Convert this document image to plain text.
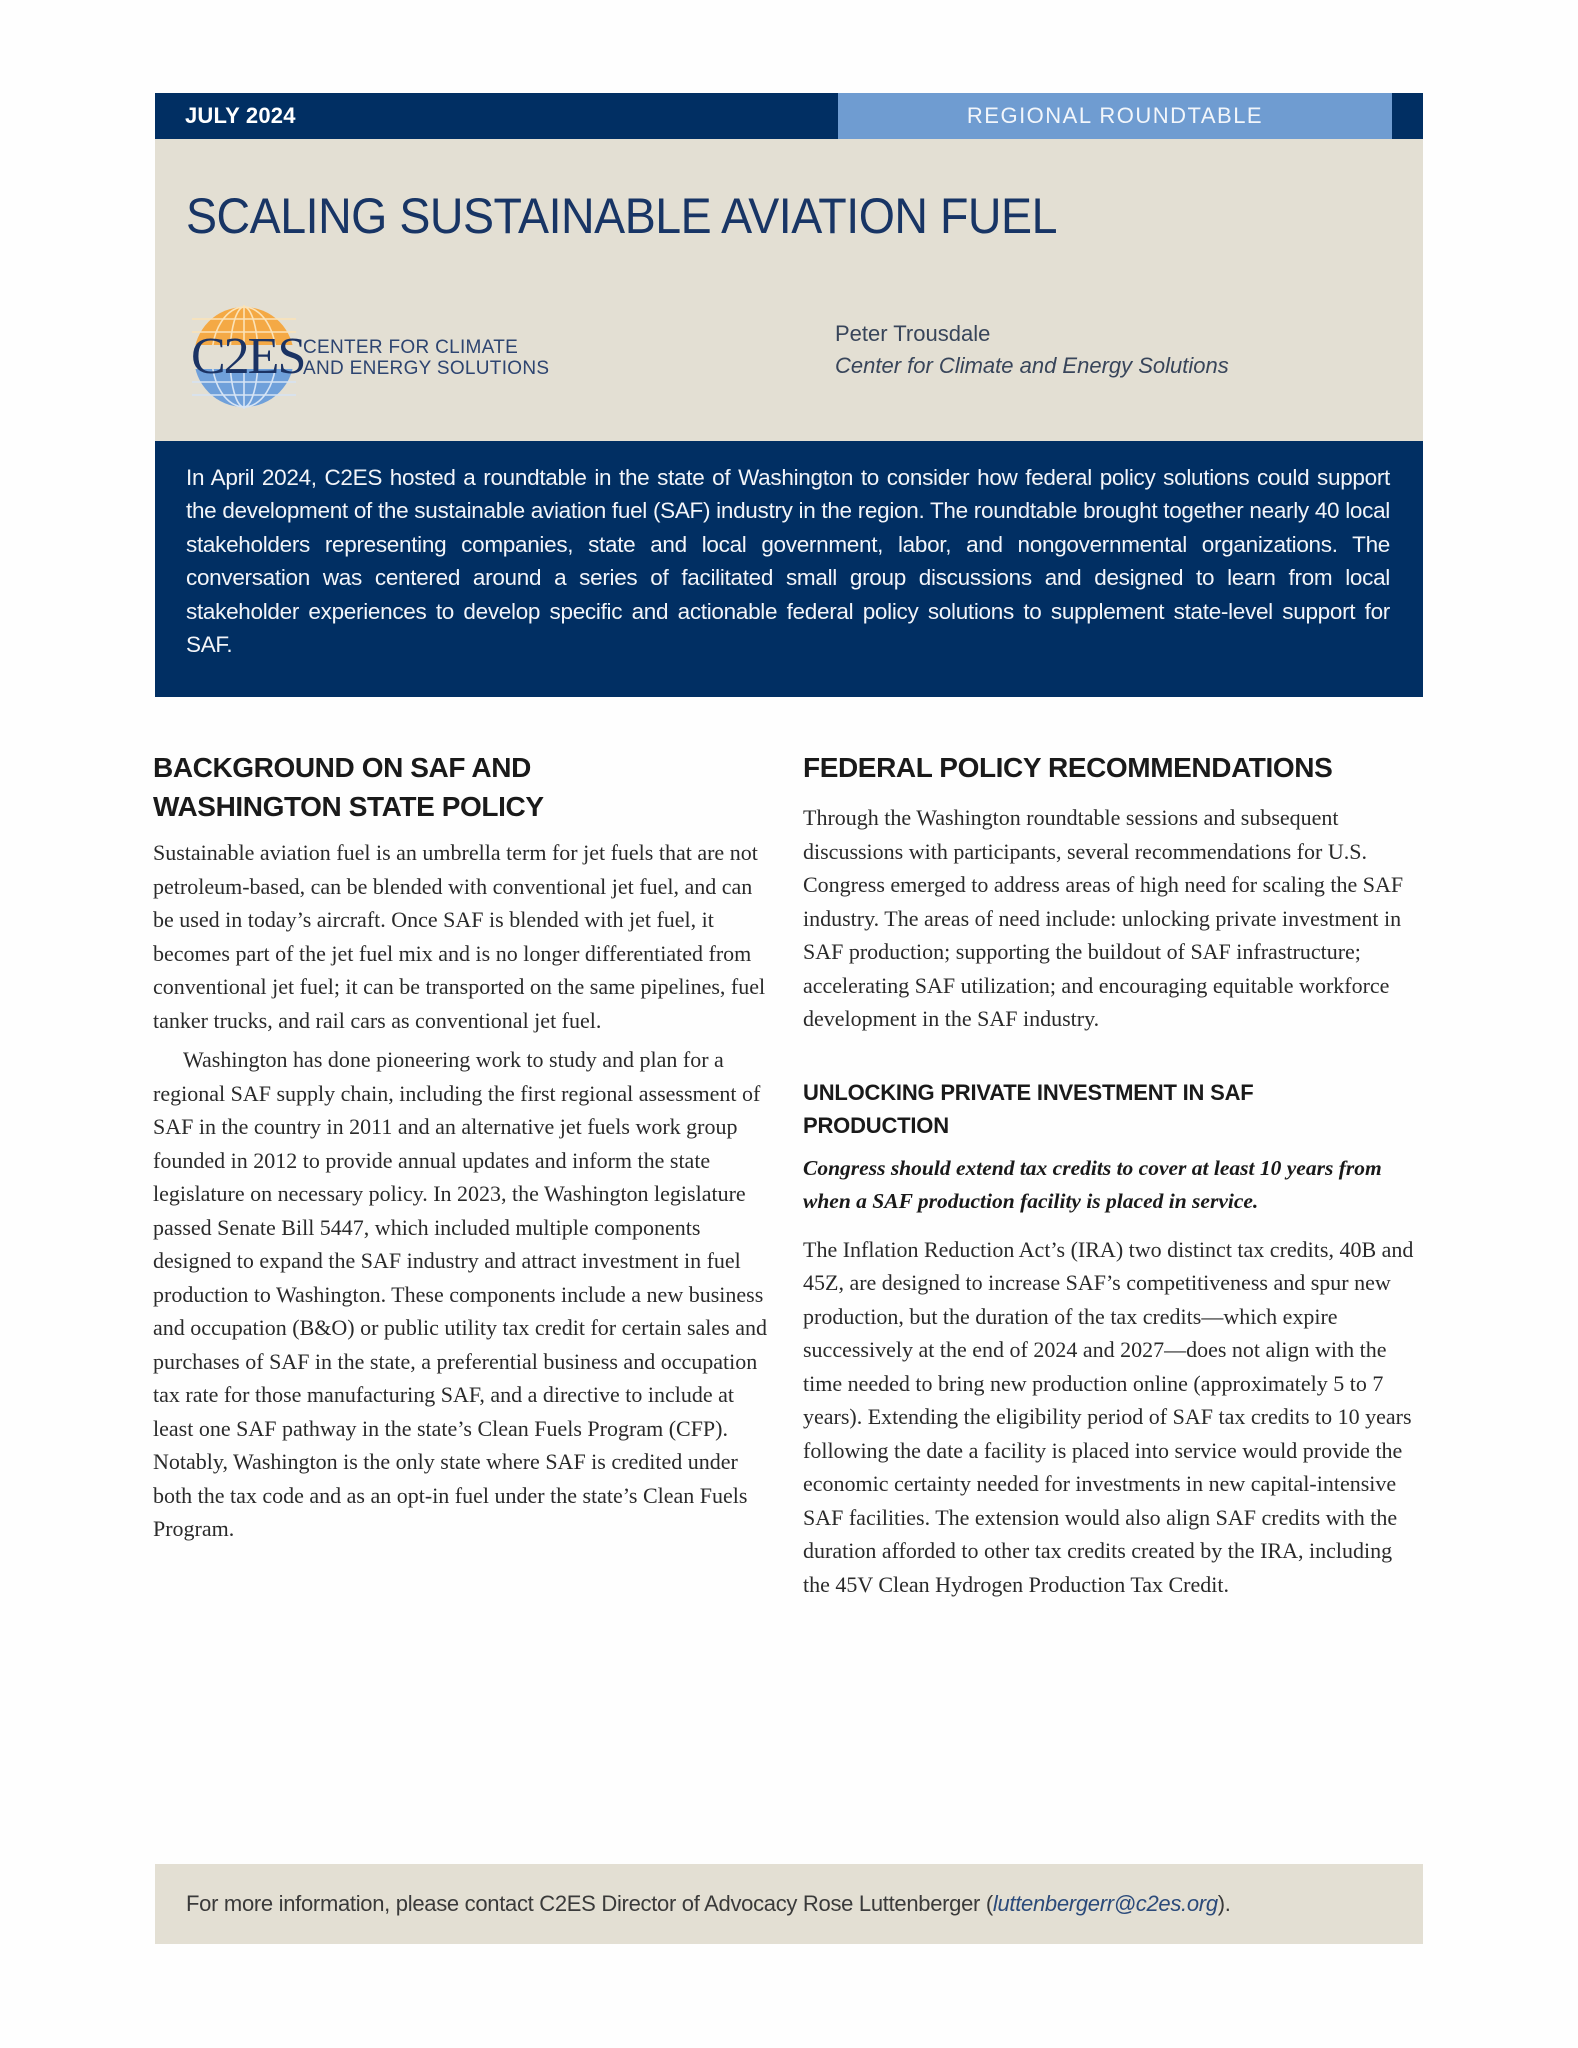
JULY 2024	REGIONAL ROUNDTABLE
SCALING SUSTAINABLE AVIATION FUEL
C2ES
CENTER FOR CLIMATE
AND ENERGY SOLUTIONS
Peter Trousdale
Center for Climate and Energy Solutions

In April 2024, C2ES hosted a roundtable in the state of Washington to consider how federal policy solutions could support the development of the sustainable aviation fuel (SAF) industry in the region. The roundtable brought together nearly 40 local stakeholders representing companies, state and local government, labor, and nongovernmental organizations. The conversation was centered around a series of facilitated small group discussions and designed to learn from local stakeholder experiences to develop specific and actionable federal policy solutions to supplement state-level support for SAF.

BACKGROUND ON SAF AND
WASHINGTON STATE POLICY

Sustainable aviation fuel is an umbrella term for jet fuels that are not petroleum-based, can be blended with conventional jet fuel, and can be used in today’s aircraft. Once SAF is blended with jet fuel, it becomes part of the jet fuel mix and is no longer differentiated from conventional jet fuel; it can be transported on the same pipelines, fuel tanker trucks, and rail cars as conventional jet fuel.

Washington has done pioneering work to study and plan for a regional SAF supply chain, including the first regional assessment of SAF in the country in 2011 and an alternative jet fuels work group founded in 2012 to provide annual updates and inform the state legislature on necessary policy. In 2023, the Washington legislature passed Senate Bill 5447, which included multiple components designed to expand the SAF industry and attract investment in fuel production to Washington. These components include a new business and occupation (B&O) or public utility tax credit for certain sales and purchases of SAF in the state, a preferential business and occupation tax rate for those manufacturing SAF, and a directive to include at least one SAF pathway in the state’s Clean Fuels Program (CFP). Notably, Washington is the only state where SAF is credited under both the tax code and as an opt-in fuel under the state’s Clean Fuels Program.

FEDERAL POLICY RECOMMENDATIONS

Through the Washington roundtable sessions and subsequent discussions with participants, several recommendations for U.S. Congress emerged to address areas of high need for scaling the SAF industry. The areas of need include: unlocking private investment in SAF production; supporting the buildout of SAF infrastructure; accelerating SAF utilization; and encouraging equitable workforce development in the SAF industry.

UNLOCKING PRIVATE INVESTMENT IN SAF
PRODUCTION

Congress should extend tax credits to cover at least 10 years from when a SAF production facility is placed in service.

The Inflation Reduction Act’s (IRA) two distinct tax credits, 40B and 45Z, are designed to increase SAF’s competitiveness and spur new production, but the duration of the tax credits—which expire successively at the end of 2024 and 2027—does not align with the time needed to bring new production online (approximately 5 to 7 years). Extending the eligibility period of SAF tax credits to 10 years following the date a facility is placed into service would provide the economic certainty needed for investments in new capital-intensive SAF facilities. The extension would also align SAF credits with the duration afforded to other tax credits created by the IRA, including the 45V Clean Hydrogen Production Tax Credit.

For more information, please contact C2ES Director of Advocacy Rose Luttenberger (luttenbergerr@c2es.org).
